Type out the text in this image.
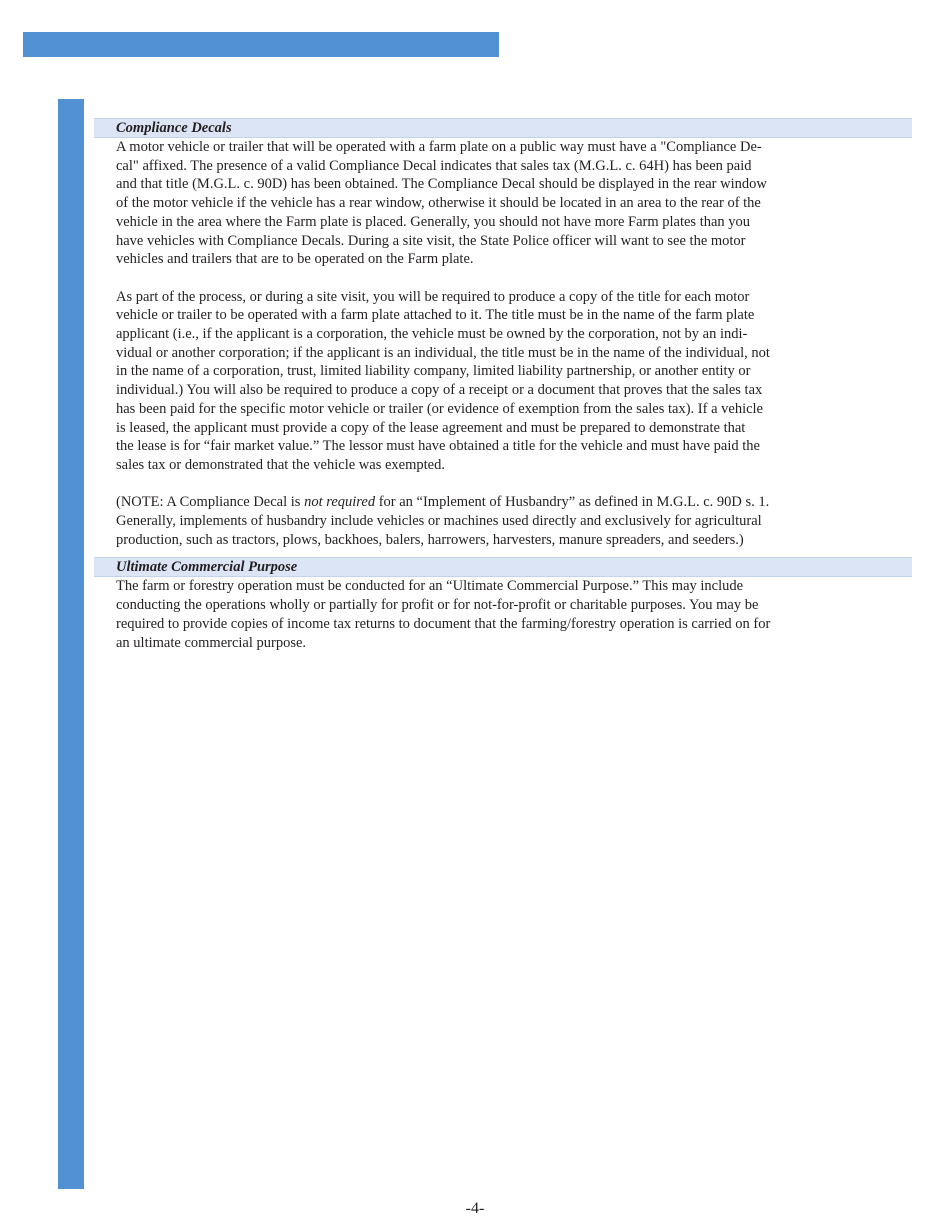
Compliance Decals

A motor vehicle or trailer that will be operated with a farm plate on a public way must have a "Compliance De-
cal" affixed. The presence of a valid Compliance Decal indicates that sales tax (M.G.L. c. 64H) has been paid
and that title (M.G.L. c. 90D) has been obtained. The Compliance Decal should be displayed in the rear window
of the motor vehicle if the vehicle has a rear window, otherwise it should be located in an area to the rear of the
vehicle in the area where the Farm plate is placed. Generally, you should not have more Farm plates than you
have vehicles with Compliance Decals. During a site visit, the State Police officer will want to see the motor
vehicles and trailers that are to be operated on the Farm plate.

As part of the process, or during a site visit, you will be required to produce a copy of the title for each motor
vehicle or trailer to be operated with a farm plate attached to it. The title must be in the name of the farm plate
applicant (i.e., if the applicant is a corporation, the vehicle must be owned by the corporation, not by an indi-
vidual or another corporation; if the applicant is an individual, the title must be in the name of the individual, not
in the name of a corporation, trust, limited liability company, limited liability partnership, or another entity or
individual.) You will also be required to produce a copy of a receipt or a document that proves that the sales tax
has been paid for the specific motor vehicle or trailer (or evidence of exemption from the sales tax). If a vehicle
is leased, the applicant must provide a copy of the lease agreement and must be prepared to demonstrate that
the lease is for “fair market value.” The lessor must have obtained a title for the vehicle and must have paid the
sales tax or demonstrated that the vehicle was exempted.

(NOTE: A Compliance Decal is not required for an “Implement of Husbandry” as defined in M.G.L. c. 90D s. 1.
Generally, implements of husbandry include vehicles or machines used directly and exclusively for agricultural
production, such as tractors, plows, backhoes, balers, harrowers, harvesters, manure spreaders, and seeders.)

Ultimate Commercial Purpose

The farm or forestry operation must be conducted for an “Ultimate Commercial Purpose.” This may include
conducting the operations wholly or partially for profit or for not-for-profit or charitable purposes. You may be
required to provide copies of income tax returns to document that the farming/forestry operation is carried on for
an ultimate commercial purpose.

-4-
